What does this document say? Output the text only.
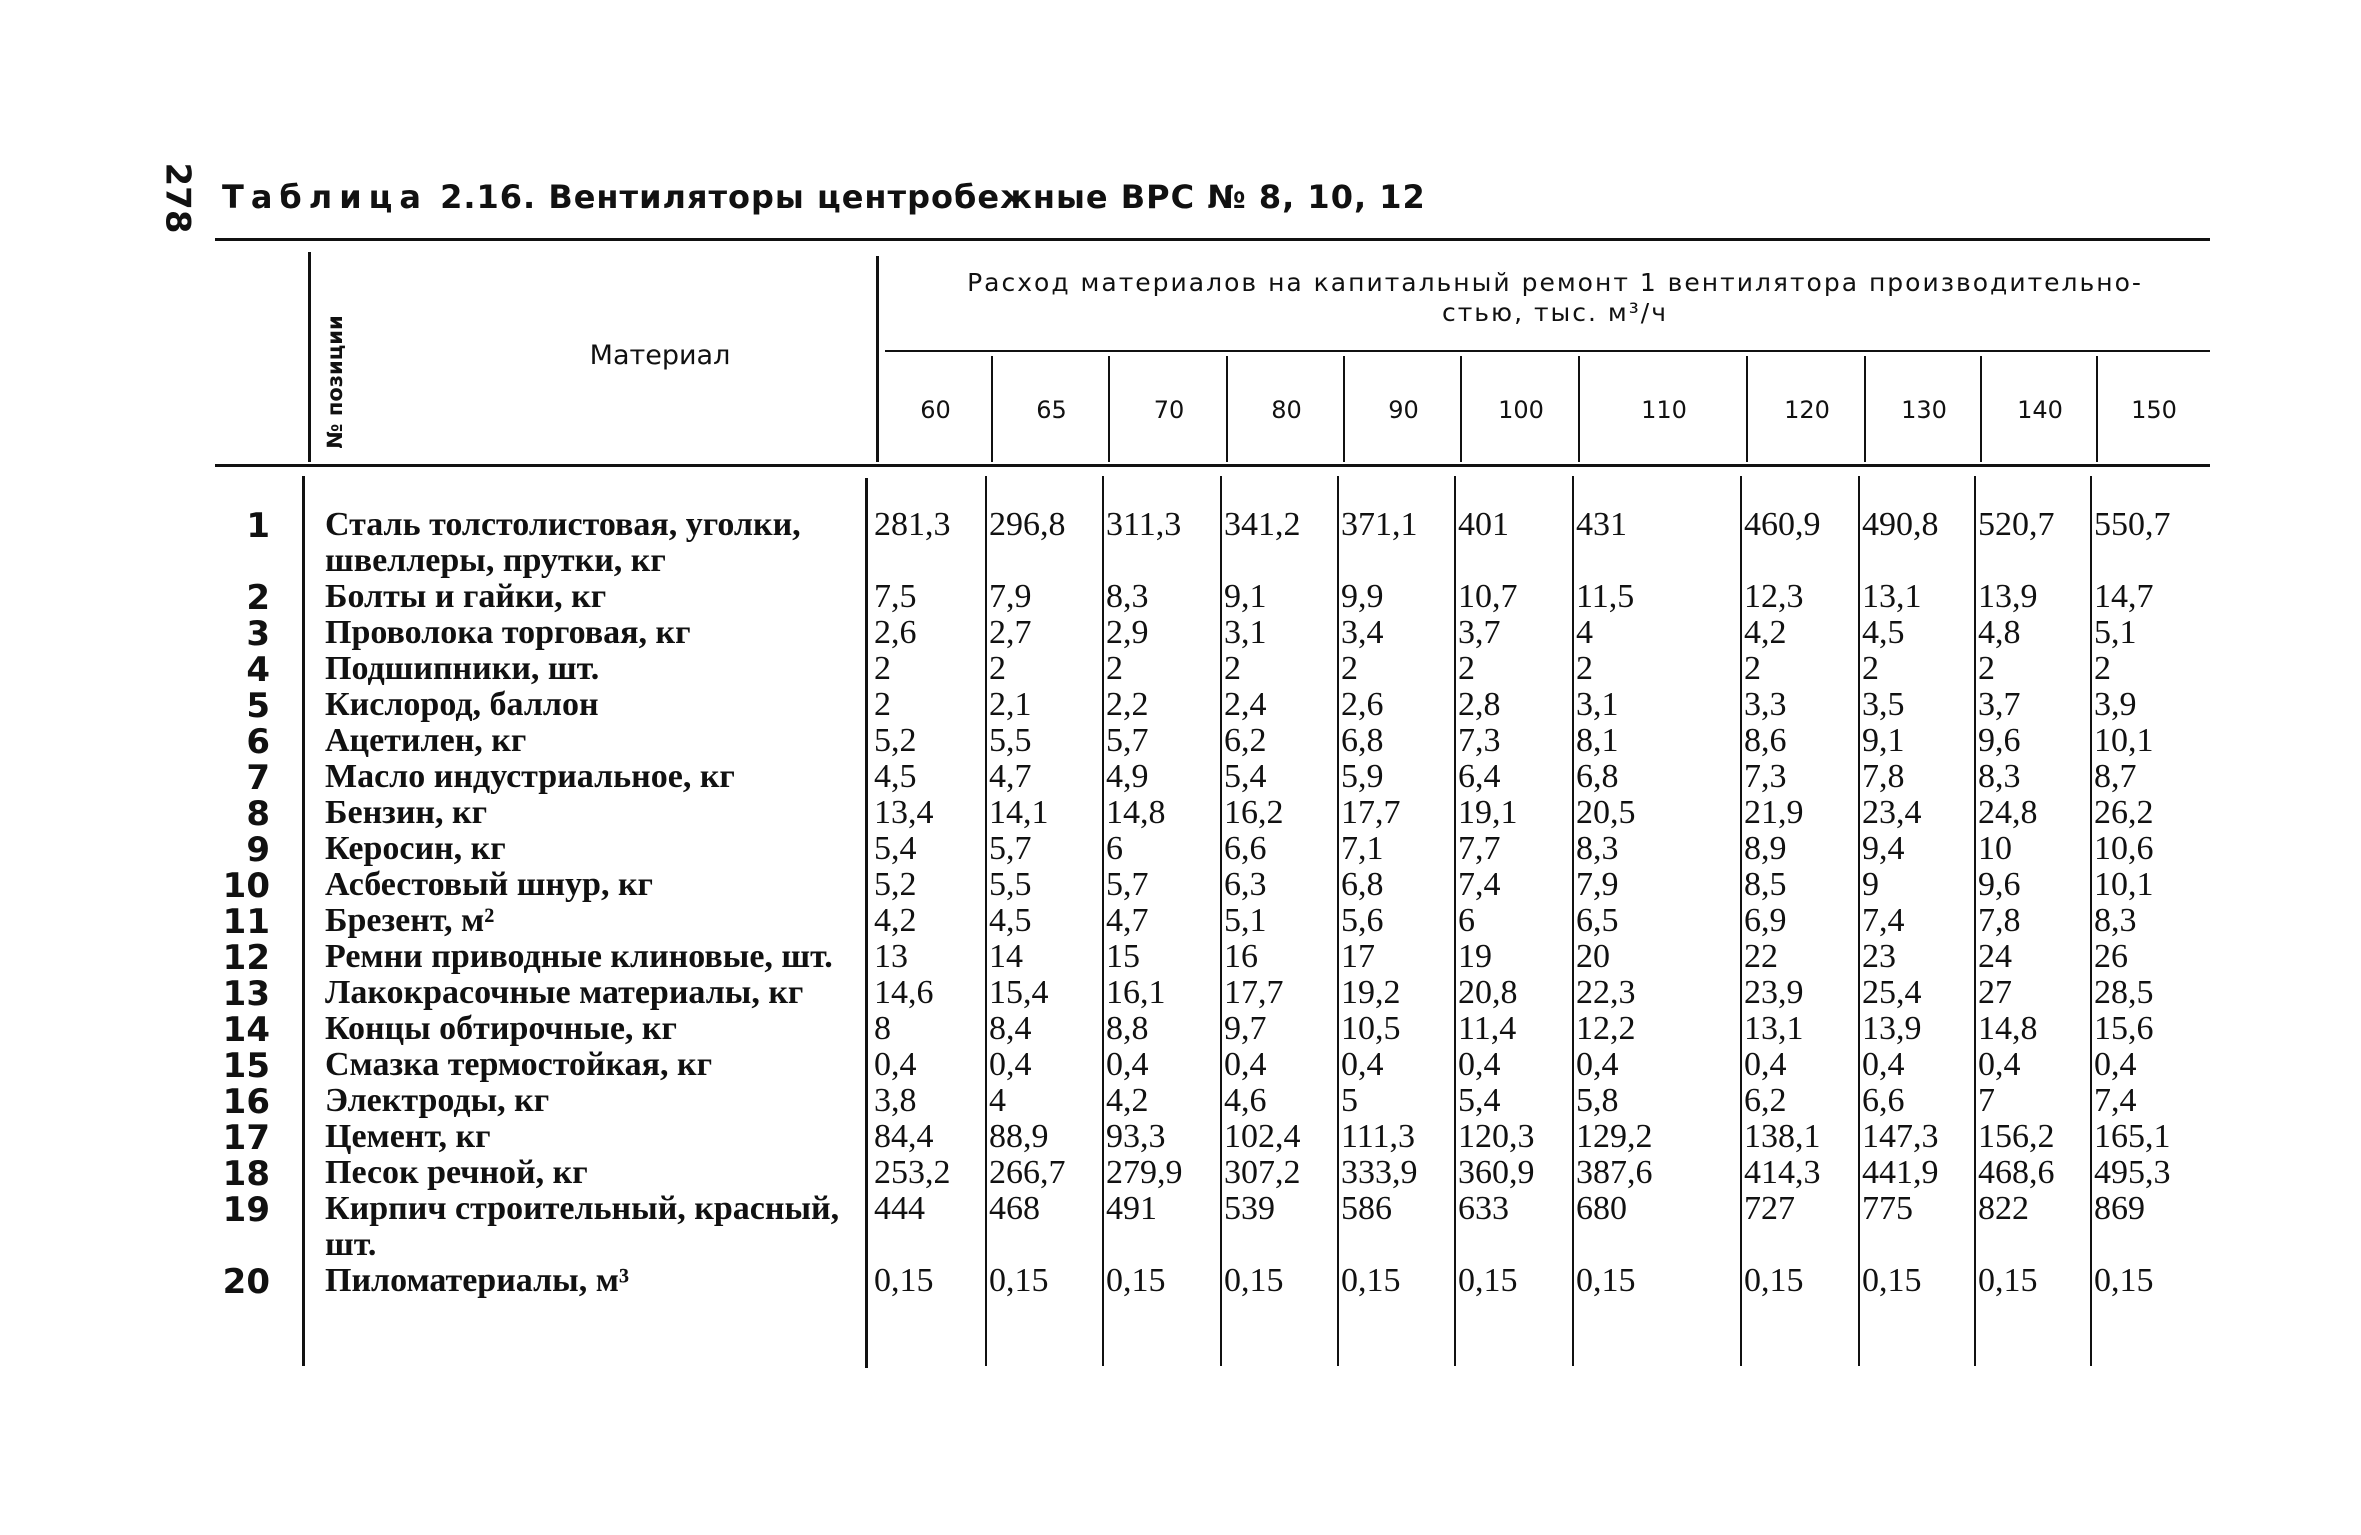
278 Таблица 2.16. Вентиляторы центробежные ВРС № 8, 10, 12
№ позиции	Материал
Расход материалов на капитальный ремонт 1 вентилятора производительно-
стью, тыс. м³/ч
60	65	70	80	90	100	110	120	130	140	150
1 Сталь толстолистовая, уголки,
швеллеры, прутки, кг
281,3 296,8 311,3 341,2 371,1 401 431	460,9 490,8 520,7 550,7
2 Болты и гайки, кг	7,5 7,9 8,3 9,1 9,9 10,7 11,5	12,3 13,1 13,9 14,7
3 Проволока торговая, кг	2,6 2,7 2,9 3,1 3,4 3,7 4	4,2 4,5 4,8 5,1
4 Подшипники, шт.	2	2	2	2	2	2	2	2	2	2	2
5 Кислород, баллон	2	2,1 2,2 2,4 2,6 2,8 3,1	3,3 3,5 3,7 3,9
6 Ацетилен, кг	5,2 5,5 5,7 6,2 6,8 7,3 8,1	8,6 9,1 9,6 10,1
7 Масло индустриальное, кг	4,5 4,7 4,9 5,4 5,9 6,4 6,8	7,3 7,8 8,3 8,7
8 Бензин, кг	13,4 14,1 14,8 16,2 17,7 19,1 20,5	21,9 23,4 24,8 26,2
9 Керосин, кг	5,4 5,7 6	6,6 7,1 7,7 8,3	8,9 9,4 10 10,6
10 Асбестовый шнур, кг	5,2 5,5 5,7 6,3 6,8 7,4 7,9	8,5 9	9,6 10,1
11 Брезент, м²	4,2 4,5 4,7 5,1 5,6 6	6,5	6,9 7,4 7,8 8,3
12 Ремни приводные клиновые, шт. 13 14 15 16 17 19 20	22 23 24 26
13 Лакокрасочные материалы, кг 14,6 15,4 16,1 17,7 19,2 20,8 22,3	23,9 25,4 27 28,5
14 Концы обтирочные, кг	8	8,4 8,8 9,7 10,5 11,4 12,2	13,1 13,9 14,8 15,6
15 Смазка термостойкая, кг	0,4 0,4 0,4 0,4 0,4 0,4 0,4	0,4 0,4 0,4 0,4
16 Электроды, кг	3,8 4	4,2 4,6 5	5,4 5,8	6,2 6,6 7	7,4
17 Цемент, кг	84,4 88,9 93,3 102,4 111,3 120,3 129,2	138,1 147,3 156,2 165,1
18 Песок речной, кг	253,2 266,7 279,9 307,2 333,9 360,9 387,6	414,3 441,9 468,6 495,3
19 Кирпич строительный, красный,
шт.
444 468 491 539 586 633 680	727 775 822 869
20 Пиломатериалы, м³	0,15 0,15 0,15 0,15 0,15 0,15 0,15	0,15 0,15 0,15 0,15
